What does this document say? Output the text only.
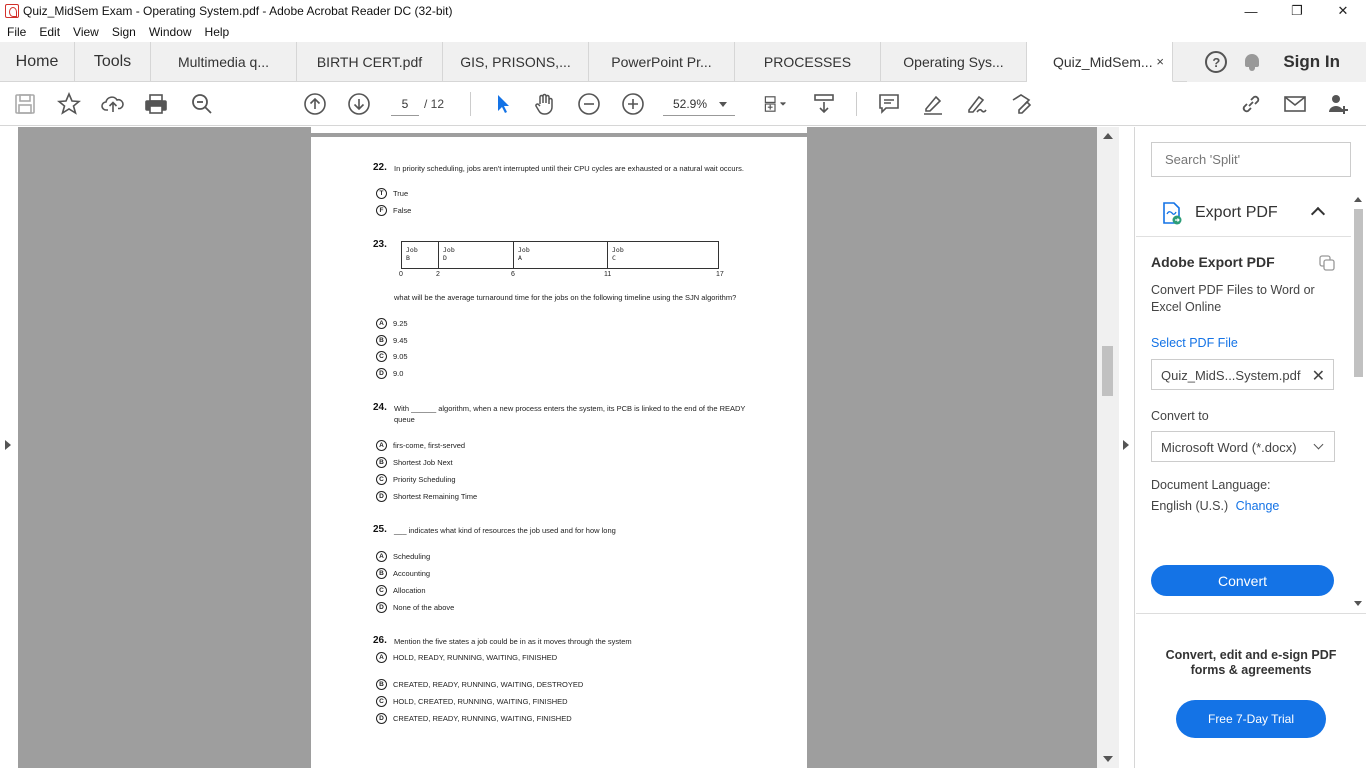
Quiz_MidSem Exam - Operating System.pdf - Adobe Acrobat Reader DC (32-bit)	—	❐	✕
File	Edit	View	Sign	Window	Help
Home	Tools	Multimedia q...	BIRTH CERT.pdf	GIS, PRISONS,...	PowerPoint Pr...	PROCESSES	Operating Sys...	Quiz_MidSem... ×	?	Sign In
5	/ 12	52.9%
22. In priority scheduling, jobs aren't interrupted until their CPU cycles are exhausted or a natural wait occurs.
T	True
F	False
23.	Job
B
Job
D
Job
A
Job
C
0	2	6	11	17
what will be the average turnaround time for the jobs on the following timeline using the SJN algorithm?
A	9.25
B	9.45
C	9.05
D	9.0
24. With ______ algorithm, when a new process enters the system, its PCB is linked to the end of the READY queue
A	firs-come, first-served
B	Shortest Job Next
C	Priority Scheduling
D	Shortest Remaining Time
25. ___ indicates what kind of resources the job used and for how long
A	Scheduling
B	Accounting
C	Allocation
D	None of the above
26. Mention the five states a job could be in as it moves through the system
A	HOLD, READY, RUNNING, WAITING, FINISHED
B	CREATED, READY, RUNNING, WAITING, DESTROYED
C	HOLD, CREATED, RUNNING, WAITING, FINISHED
D	CREATED, READY, RUNNING, WAITING, FINISHED
Search 'Split'
Export PDF
Adobe Export PDF
Convert PDF Files to Word or Excel Online
Select PDF File
Quiz_MidS...System.pdf ✕
Convert to
Microsoft Word (*.docx)
Document Language:
English (U.S.) Change
Convert
Convert, edit and e-sign PDF forms & agreements
Free 7-Day Trial
